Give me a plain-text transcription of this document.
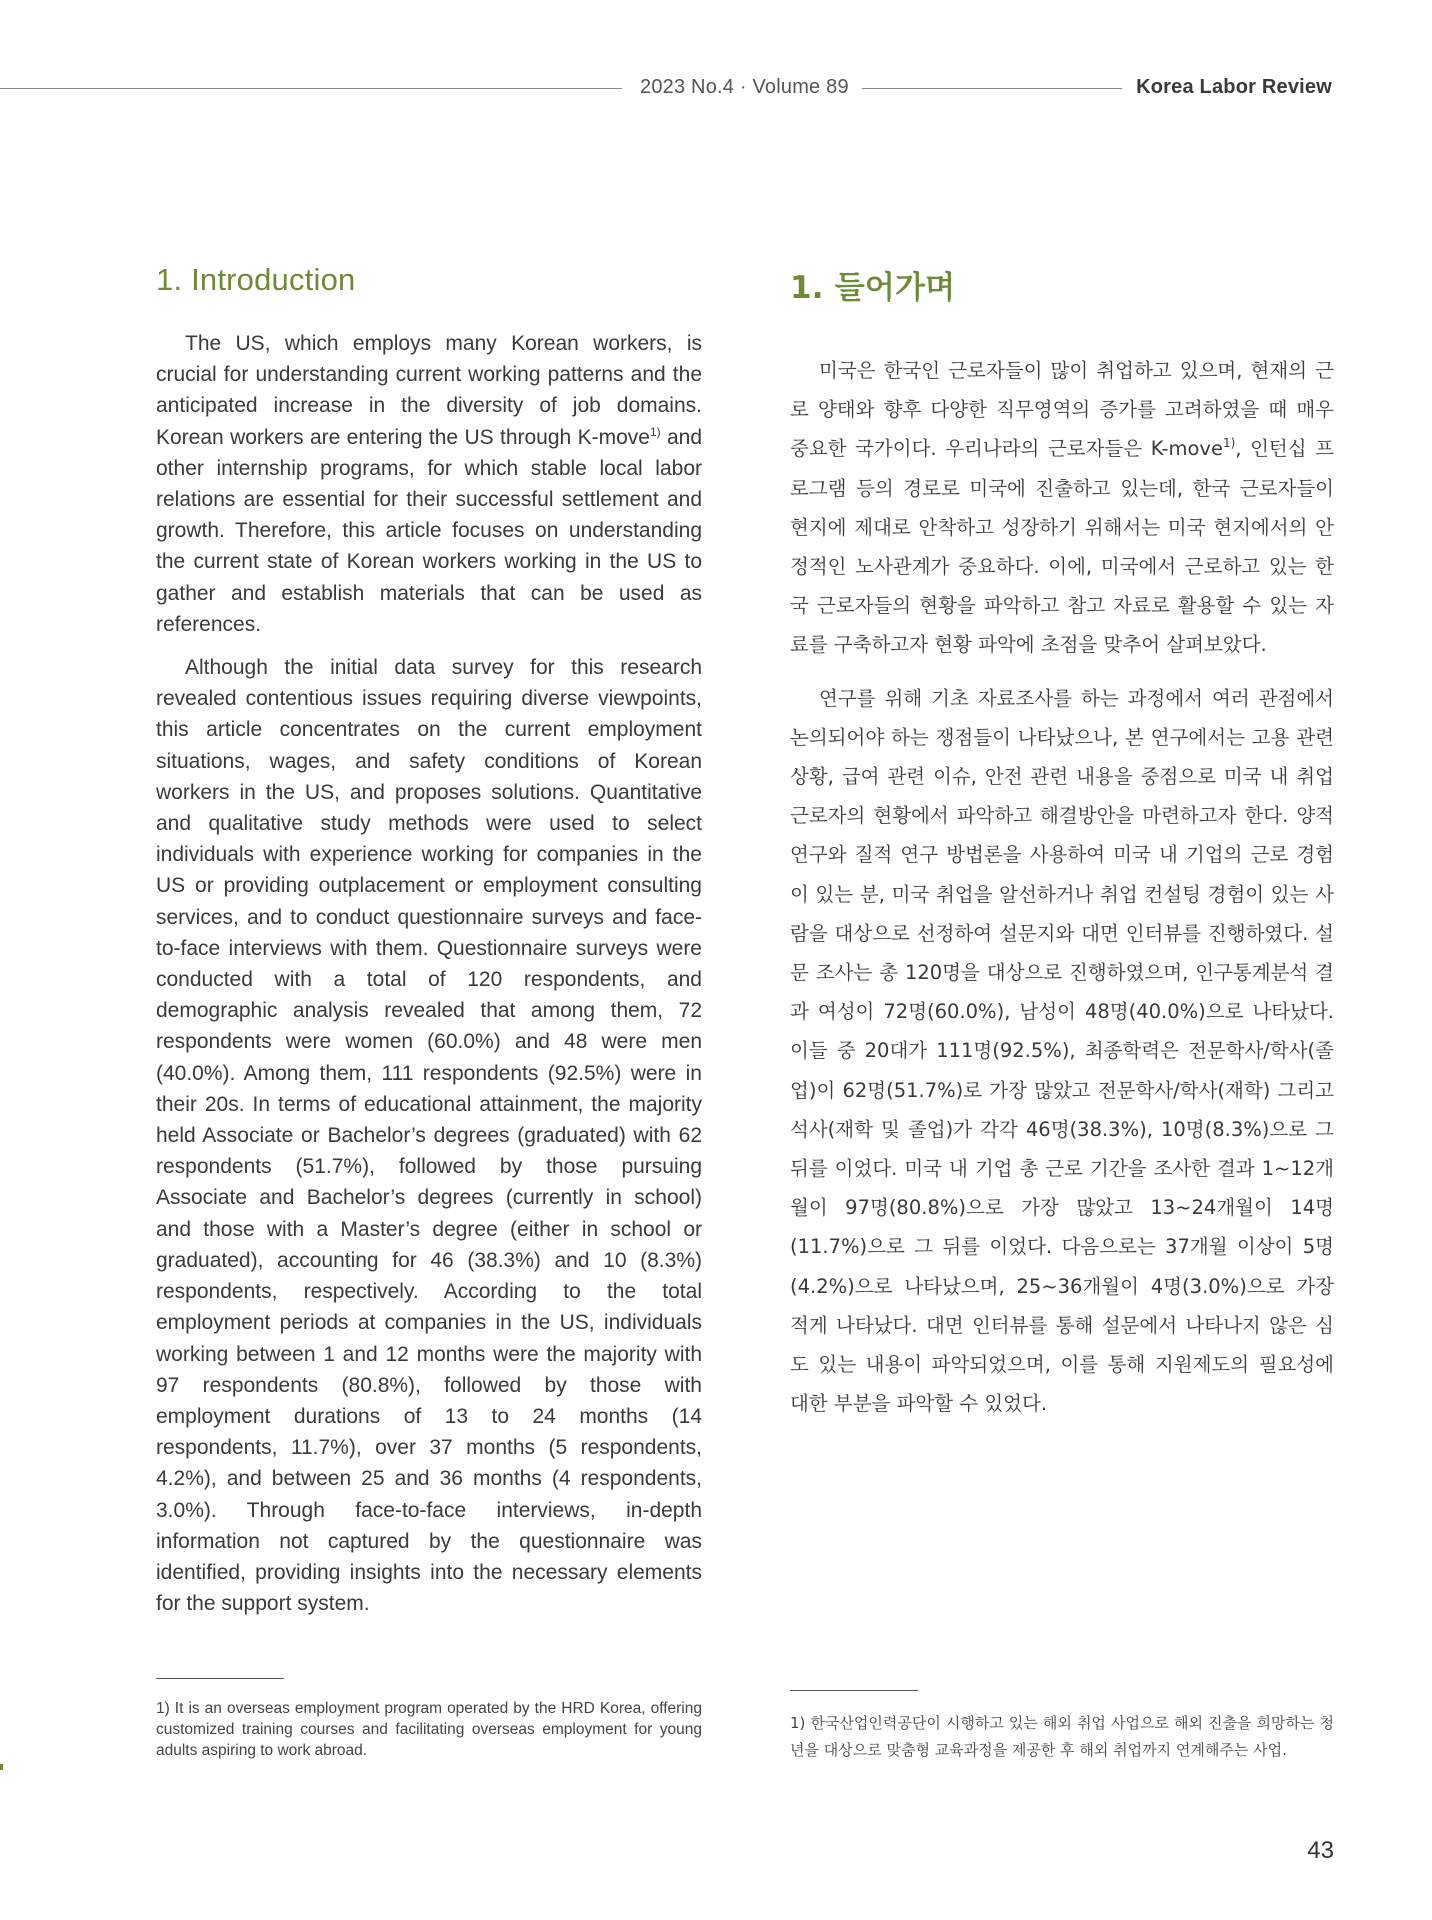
2023 No.4 · Volume 89	Korea Labor Review
1. Introduction

The US, which employs many Korean workers, is crucial for understanding current working patterns and the anticipated increase in the diversity of job domains. Korean workers are entering the US through K-move$^{1)}$ and other internship programs, for which stable local labor relations are essential for their successful settlement and growth. Therefore, this article focuses on understanding the current state of Korean workers working in the US to gather and establish materials that can be used as references.

Although the initial data survey for this research revealed contentious issues requiring diverse viewpoints, this article concentrates on the current employment situations, wages, and safety conditions of Korean workers in the US, and proposes solutions. Quantitative and qualitative study methods were used to select individuals with experience working for companies in the US or providing outplacement or employment consulting services, and to conduct questionnaire surveys and face-to-face interviews with them. Questionnaire surveys were conducted with a total of 120 respondents, and demographic analysis revealed that among them, 72 respondents were women (60.0%) and 48 were men (40.0%). Among them, 111 respondents (92.5%) were in their 20s. In terms of educational attainment, the majority held Associate or Bachelor’s degrees (graduated) with 62 respondents (51.7%), followed by those pursuing Associate and Bachelor’s degrees (currently in school) and those with a Master’s degree (either in school or graduated), accounting for 46 (38.3%) and 10 (8.3%) respondents, respectively. According to the total employment periods at companies in the US, individuals working between 1 and 12 months were the majority with 97 respondents (80.8%), followed by those with employment durations of 13 to 24 months (14 respondents, 11.7%), over 37 months (5 respondents, 4.2%), and between 25 and 36 months (4 respondents, 3.0%). Through face-to-face interviews, in-depth information not captured by the questionnaire was identified, providing insights into the necessary elements for the support system.

1. 들어가며

미국은 한국인 근로자들이 많이 취업하고 있으며, 현재의 근로 양태와 향후 다양한 직무영역의 증가를 고려하였을 때 매우 중요한 국가이다. 우리나라의 근로자들은 K-move$^{1)}$, 인턴십 프로그램 등의 경로로 미국에 진출하고 있는데, 한국 근로자들이 현지에 제대로 안착하고 성장하기 위해서는 미국 현지에서의 안정적인 노사관계가 중요하다. 이에, 미국에서 근로하고 있는 한국 근로자들의 현황을 파악하고 참고 자료로 활용할 수 있는 자료를 구축하고자 현황 파악에 초점을 맞추어 살펴보았다.

연구를 위해 기초 자료조사를 하는 과정에서 여러 관점에서 논의되어야 하는 쟁점들이 나타났으나, 본 연구에서는 고용 관련 상황, 급여 관련 이슈, 안전 관련 내용을 중점으로 미국 내 취업 근로자의 현황에서 파악하고 해결방안을 마련하고자 한다. 양적 연구와 질적 연구 방법론을 사용하여 미국 내 기업의 근로 경험이 있는 분, 미국 취업을 알선하거나 취업 컨설팅 경험이 있는 사람을 대상으로 선정하여 설문지와 대면 인터뷰를 진행하였다. 설문 조사는 총 120명을 대상으로 진행하였으며, 인구통계분석 결과 여성이 72명(60.0%), 남성이 48명(40.0%)으로 나타났다. 이들 중 20대가 111명(92.5%), 최종학력은 전문학사/학사(졸업)이 62명(51.7%)로 가장 많았고 전문학사/학사(재학) 그리고 석사(재학 및 졸업)가 각각 46명(38.3%), 10명(8.3%)으로 그 뒤를 이었다. 미국 내 기업 총 근로 기간을 조사한 결과 1~12개월이 97명(80.8%)으로 가장 많았고 13~24개월이 14명(11.7%)으로 그 뒤를 이었다. 다음으로는 37개월 이상이 5명(4.2%)으로 나타났으며, 25~36개월이 4명(3.0%)으로 가장 적게 나타났다. 대면 인터뷰를 통해 설문에서 나타나지 않은 심도 있는 내용이 파악되었으며, 이를 통해 지원제도의 필요성에 대한 부분을 파악할 수 있었다.

1) It is an overseas employment program operated by the HRD Korea, offering customized training courses and facilitating overseas employment for young adults aspiring to work abroad.
1) 한국산업인력공단이 시행하고 있는 해외 취업 사업으로 해외 진출을 희망하는 청년을 대상으로 맞춤형 교육과정을 제공한 후 해외 취업까지 연계해주는 사업.
43
